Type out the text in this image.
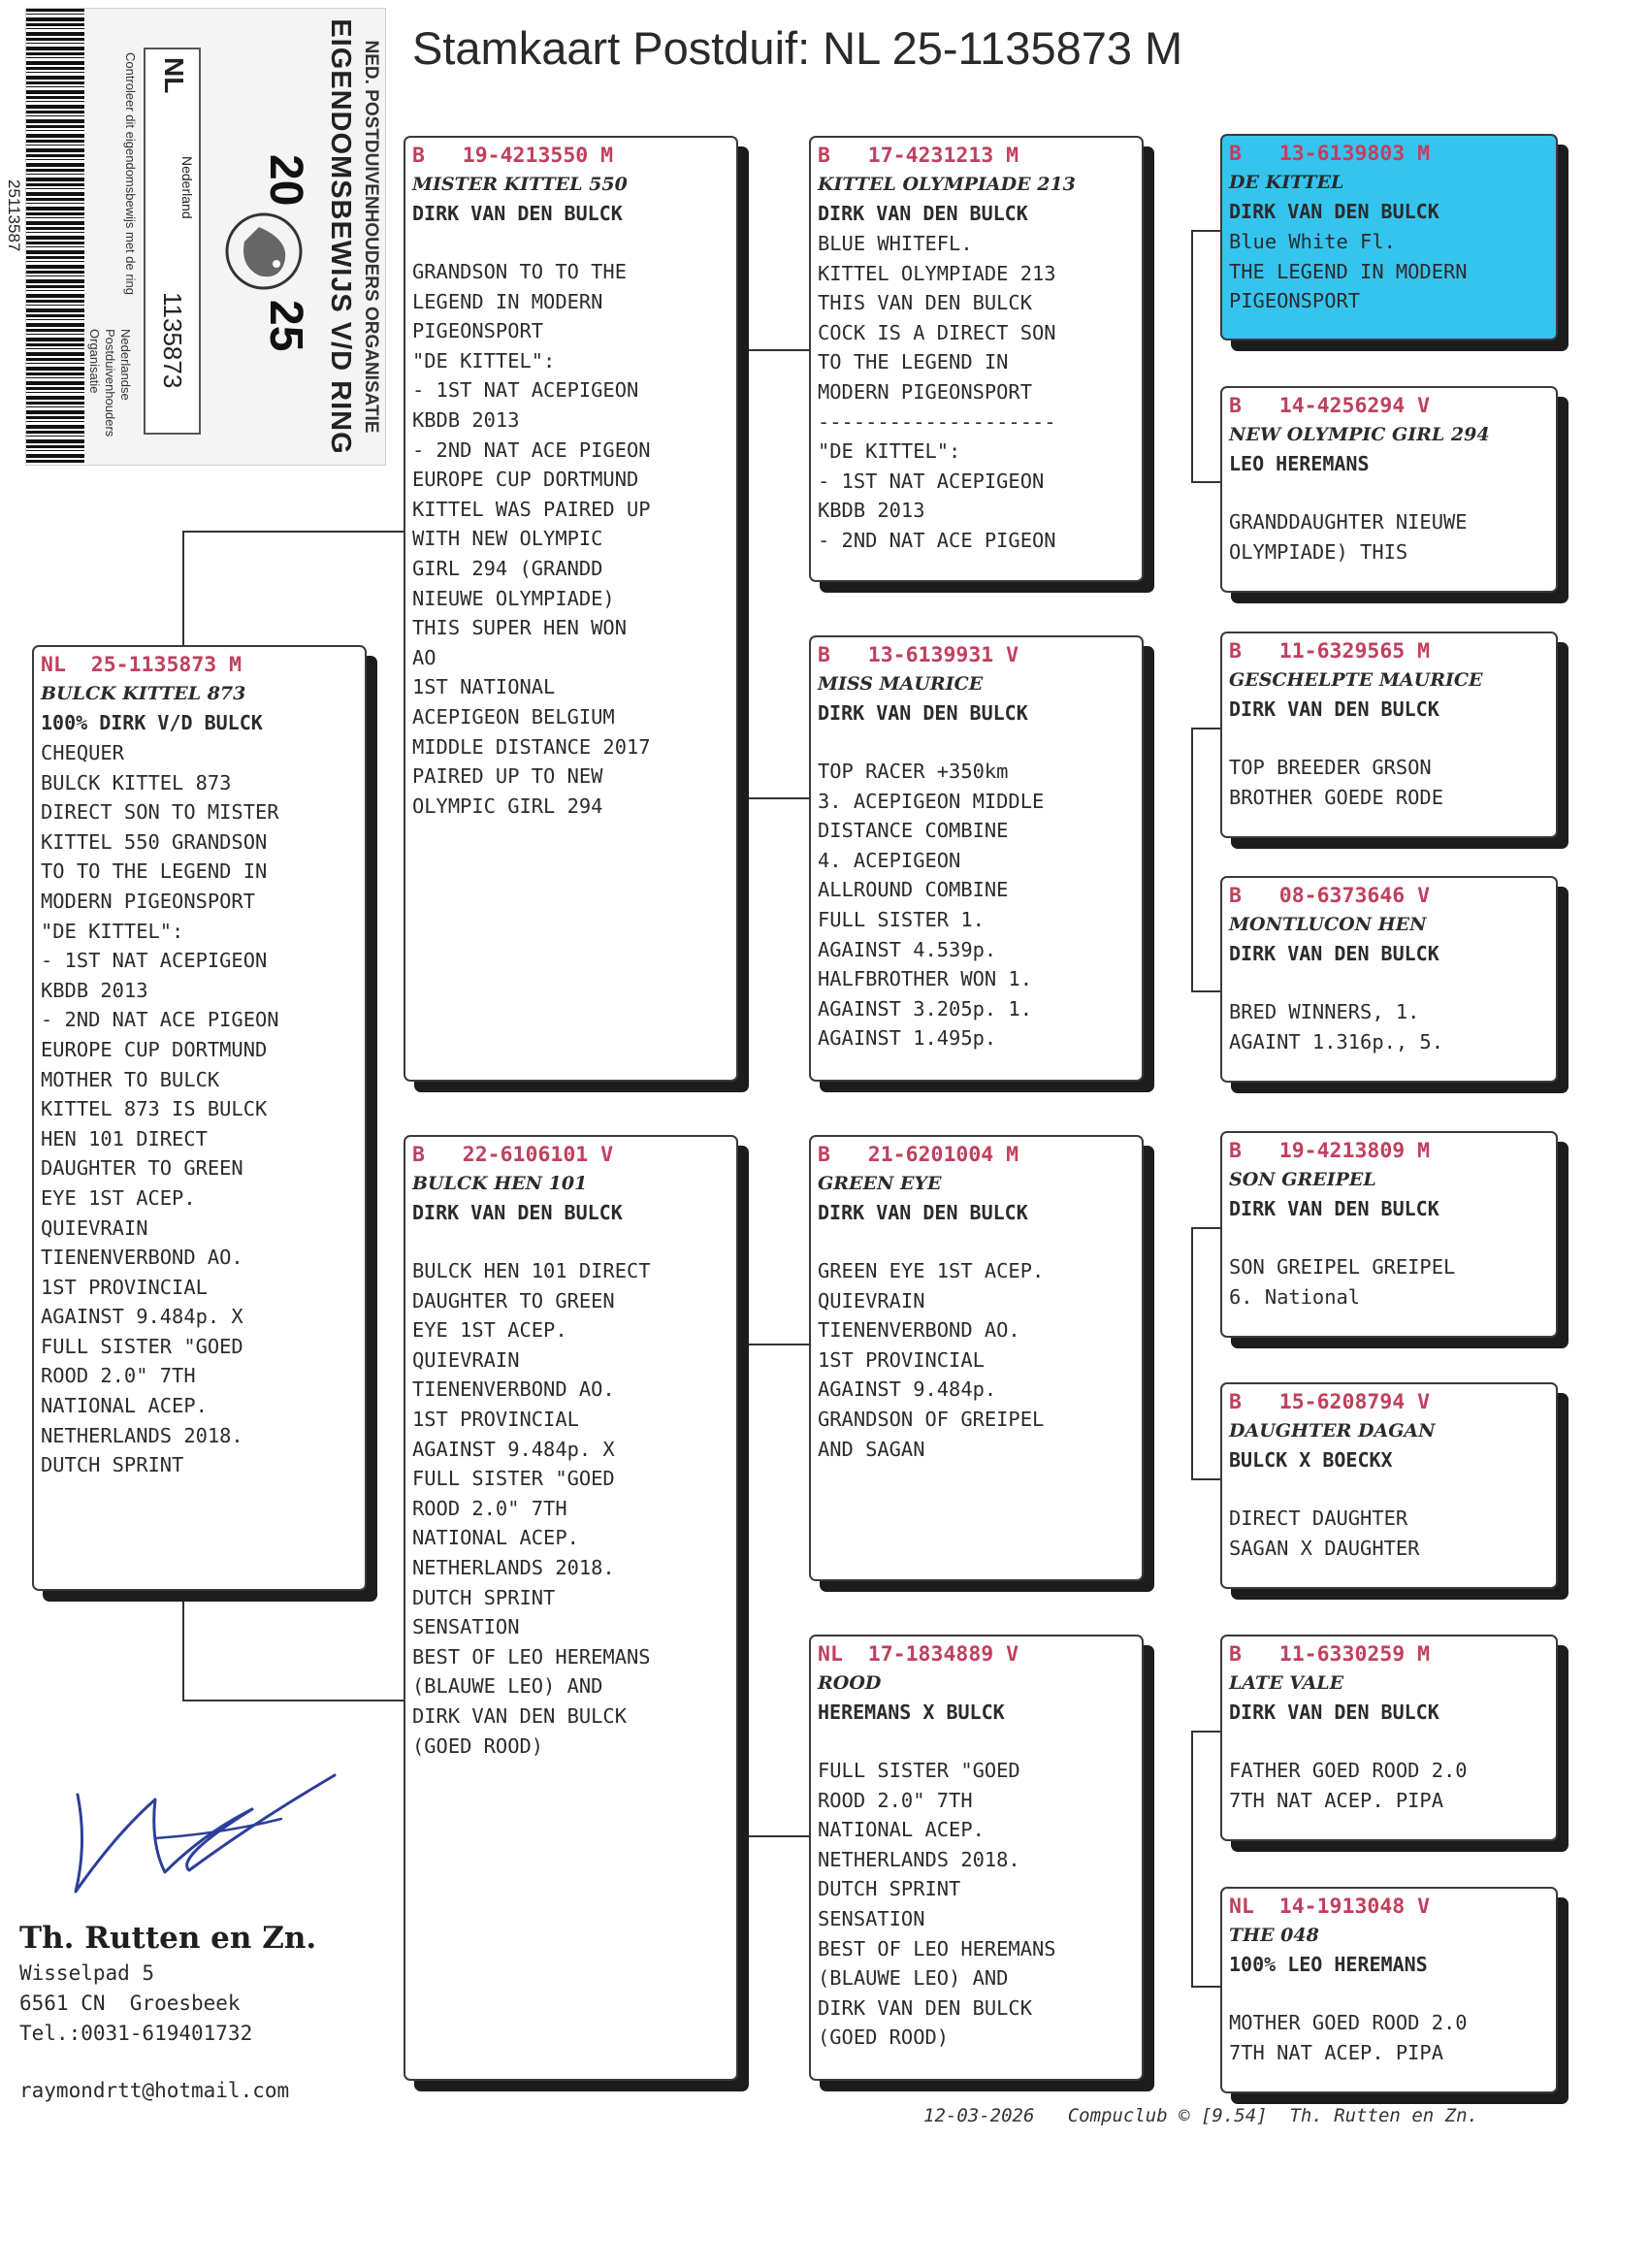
NED. POSTDUIVENHOUDERS ORGANISATIE
EIGENDOMSBEWIJS V/D RING
20
25
NL
Nederland
1135873
Controleer dit eigendomsbewijs met de ring
Nederlandse
Postduivenhouders
Organisatie
25113587
Stamkaart Postduif: NL 25-1135873 M
NL  25-1135873 M
BULCK KITTEL 873
100% DIRK V/D BULCK
CHEQUER
BULCK KITTEL 873
DIRECT SON TO MISTER
KITTEL 550 GRANDSON
TO TO THE LEGEND IN
MODERN PIGEONSPORT
"DE KITTEL":
- 1ST NAT ACEPIGEON
KBDB 2013
- 2ND NAT ACE PIGEON
EUROPE CUP DORTMUND
MOTHER TO BULCK
KITTEL 873 IS BULCK
HEN 101 DIRECT
DAUGHTER TO GREEN
EYE 1ST ACEP.
QUIEVRAIN
TIENENVERBOND AO.
1ST PROVINCIAL
AGAINST 9.484p. X
FULL SISTER "GOED
ROOD 2.0" 7TH
NATIONAL ACEP.
NETHERLANDS 2018.
DUTCH SPRINT
B   19-4213550 M
MISTER KITTEL 550
DIRK VAN DEN BULCK
GRANDSON TO TO THE
LEGEND IN MODERN
PIGEONSPORT
"DE KITTEL":
- 1ST NAT ACEPIGEON
KBDB 2013
- 2ND NAT ACE PIGEON
EUROPE CUP DORTMUND
KITTEL WAS PAIRED UP
WITH NEW OLYMPIC
GIRL 294 (GRANDD
NIEUWE OLYMPIADE)
THIS SUPER HEN WON
AO
1ST NATIONAL
ACEPIGEON BELGIUM
MIDDLE DISTANCE 2017
PAIRED UP TO NEW
OLYMPIC GIRL 294
B   22-6106101 V
BULCK HEN 101
DIRK VAN DEN BULCK
BULCK HEN 101 DIRECT
DAUGHTER TO GREEN
EYE 1ST ACEP.
QUIEVRAIN
TIENENVERBOND AO.
1ST PROVINCIAL
AGAINST 9.484p. X
FULL SISTER "GOED
ROOD 2.0" 7TH
NATIONAL ACEP.
NETHERLANDS 2018.
DUTCH SPRINT
SENSATION
BEST OF LEO HEREMANS
(BLAUWE LEO) AND
DIRK VAN DEN BULCK
(GOED ROOD)
B   17-4231213 M
KITTEL OLYMPIADE 213
DIRK VAN DEN BULCK
BLUE WHITEFL.
KITTEL OLYMPIADE 213
THIS VAN DEN BULCK
COCK IS A DIRECT SON
TO THE LEGEND IN
MODERN PIGEONSPORT
--------------------
"DE KITTEL":
- 1ST NAT ACEPIGEON
KBDB 2013
- 2ND NAT ACE PIGEON
B   13-6139931 V
MISS MAURICE
DIRK VAN DEN BULCK
TOP RACER +350km
3. ACEPIGEON MIDDLE
DISTANCE COMBINE
4. ACEPIGEON
ALLROUND COMBINE
FULL SISTER 1.
AGAINST 4.539p.
HALFBROTHER WON 1.
AGAINST 3.205p. 1.
AGAINST 1.495p.
B   21-6201004 M
GREEN EYE
DIRK VAN DEN BULCK
GREEN EYE 1ST ACEP.
QUIEVRAIN
TIENENVERBOND AO.
1ST PROVINCIAL
AGAINST 9.484p.
GRANDSON OF GREIPEL
AND SAGAN
NL  17-1834889 V
ROOD
HEREMANS X BULCK
FULL SISTER "GOED
ROOD 2.0" 7TH
NATIONAL ACEP.
NETHERLANDS 2018.
DUTCH SPRINT
SENSATION
BEST OF LEO HEREMANS
(BLAUWE LEO) AND
DIRK VAN DEN BULCK
(GOED ROOD)
B   13-6139803 M
DE KITTEL
DIRK VAN DEN BULCK
Blue White Fl.
THE LEGEND IN MODERN
PIGEONSPORT
B   14-4256294 V
NEW OLYMPIC GIRL 294
LEO HEREMANS
GRANDDAUGHTER NIEUWE
OLYMPIADE) THIS
B   11-6329565 M
GESCHELPTE MAURICE
DIRK VAN DEN BULCK
TOP BREEDER GRSON
BROTHER GOEDE RODE
B   08-6373646 V
MONTLUCON HEN
DIRK VAN DEN BULCK
BRED WINNERS, 1.
AGAINT 1.316p., 5.
B   19-4213809 M
SON GREIPEL
DIRK VAN DEN BULCK
SON GREIPEL GREIPEL
6. National
B   15-6208794 V
DAUGHTER DAGAN
BULCK X BOECKX
DIRECT DAUGHTER
SAGAN X DAUGHTER
B   11-6330259 M
LATE VALE
DIRK VAN DEN BULCK
FATHER GOED ROOD 2.0
7TH NAT ACEP. PIPA
NL  14-1913048 V
THE 048
100% LEO HEREMANS
MOTHER GOED ROOD 2.0
7TH NAT ACEP. PIPA
Th. Rutten en Zn.
Wisselpad 5
6561 CN  Groesbeek
Tel.:0031-619401732
raymondrtt@hotmail.com
12-03-2026   Compuclub © [9.54]  Th. Rutten en Zn.
